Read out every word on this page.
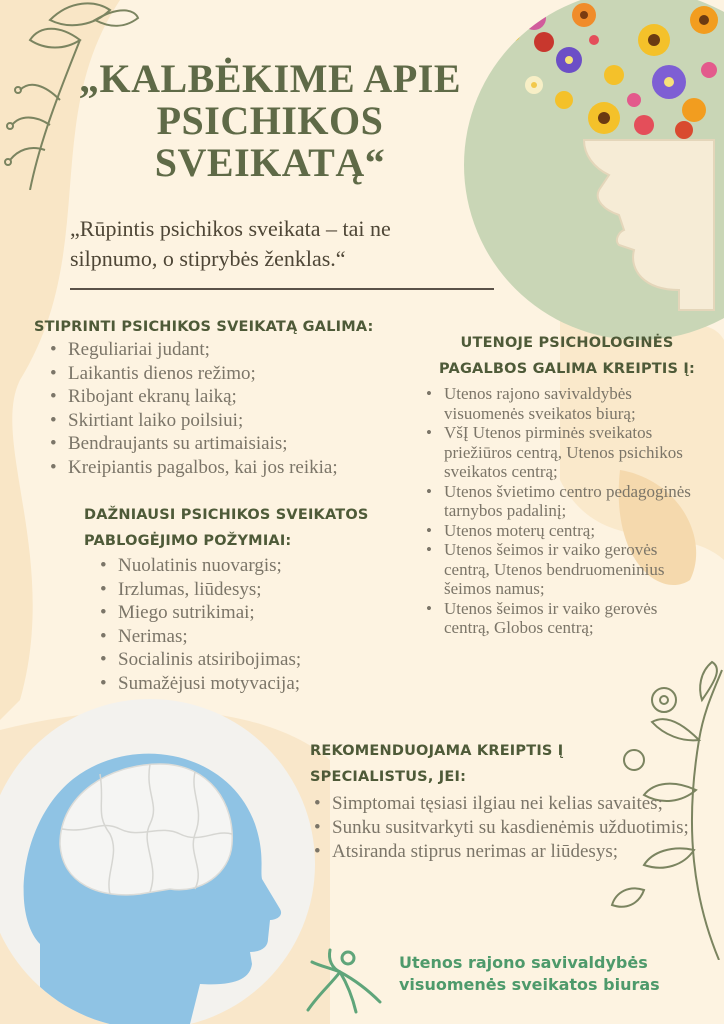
„KALBĖKIME APIE
PSICHIKOS
SVEIKATĄ“
„Rūpintis psichikos sveikata – tai ne
silpnumo, o stiprybės ženklas.“
STIPRINTI PSICHIKOS SVEIKATĄ GALIMA:
• Reguliariai judant;
• Laikantis dienos režimo;
• Ribojant ekranų laiką;
• Skirtiant laiko poilsiui;
• Bendraujants su artimaisiais;
• Kreipiantis pagalbos, kai jos reikia;
DAŽNIAUSI PSICHIKOS SVEIKATOS
PABLOGĖJIMO POŽYMIAI:
• Nuolatinis nuovargis;
• Irzlumas, liūdesys;
• Miego sutrikimai;
• Nerimas;
• Socialinis atsiribojimas;
• Sumažėjusi motyvacija;
UTENOJE PSICHOLOGINĖS
PAGALBOS GALIMA KREIPTIS Į:
• Utenos rajono savivaldybės visuomenės sveikatos biurą;
• VšĮ Utenos pirminės sveikatos priežiūros centrą, Utenos psichikos sveikatos centrą;
• Utenos švietimo centro pedagoginės tarnybos padalinį;
• Utenos moterų centrą;
• Utenos šeimos ir vaiko gerovės centrą, Utenos bendruomeninius šeimos namus;
• Utenos šeimos ir vaiko gerovės centrą, Globos centrą;
REKOMENDUOJAMA KREIPTIS Į
SPECIALISTUS, JEI:
• Simptomai tęsiasi ilgiau nei kelias savaites;
• Sunku susitvarkyti su kasdienėmis užduotimis;
• Atsiranda stiprus nerimas ar liūdesys;
Utenos rajono savivaldybės
visuomenės sveikatos biuras
